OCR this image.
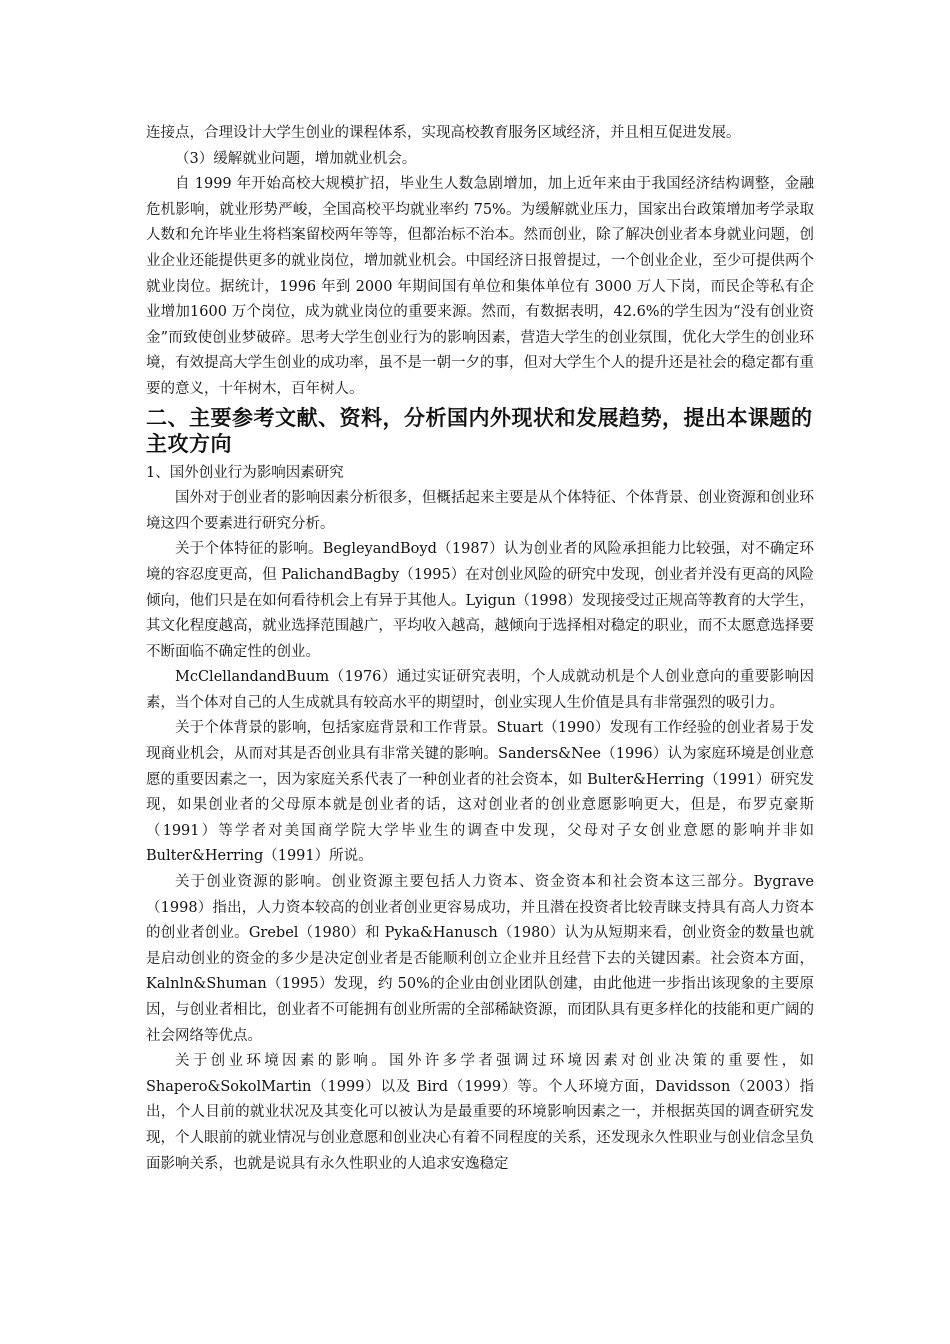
连接点，合理设计大学生创业的课程体系，实现高校教育服务区域经济，并且相互促进发展。

（3）缓解就业问题，增加就业机会。

自 1999 年开始高校大规模扩招，毕业生人数急剧增加，加上近年来由于我国经济结构调整，金融危机影响，就业形势严峻，全国高校平均就业率约 75%。为缓解就业压力，国家出台政策增加考学录取人数和允许毕业生将档案留校两年等等，但都治标不治本。然而创业，除了解决创业者本身就业问题，创业企业还能提供更多的就业岗位，增加就业机会。中国经济日报曾提过，一个创业企业，至少可提供两个就业岗位。据统计，1996 年到 2000 年期间国有单位和集体单位有 3000 万人下岗，而民企等私有企业增加1600 万个岗位，成为就业岗位的重要来源。然而，有数据表明，42.6%的学生因为“没有创业资金”而致使创业梦破碎。思考大学生创业行为的影响因素，营造大学生的创业氛围，优化大学生的创业环境，有效提高大学生创业的成功率，虽不是一朝一夕的事，但对大学生个人的提升还是社会的稳定都有重要的意义，十年树木，百年树人。

二、主要参考文献、资料，分析国内外现状和发展趋势，提出本课题的主攻方向

1、国外创业行为影响因素研究

国外对于创业者的影响因素分析很多，但概括起来主要是从个体特征、个体背景、创业资源和创业环境这四个要素进行研究分析。

关于个体特征的影响。BegleyandBoyd（1987）认为创业者的风险承担能力比较强，对不确定环境的容忍度更高，但 PalichandBagby（1995）在对创业风险的研究中发现，创业者并没有更高的风险倾向，他们只是在如何看待机会上有异于其他人。Lyigun（1998）发现接受过正规高等教育的大学生，其文化程度越高，就业选择范围越广，平均收入越高，越倾向于选择相对稳定的职业，而不太愿意选择要不断面临不确定性的创业。

McClellandandBuum（1976）通过实证研究表明，个人成就动机是个人创业意向的重要影响因素，当个体对自己的人生成就具有较高水平的期望时，创业实现人生价值是具有非常强烈的吸引力。

关于个体背景的影响，包括家庭背景和工作背景。Stuart（1990）发现有工作经验的创业者易于发现商业机会，从而对其是否创业具有非常关键的影响。Sanders&Nee（1996）认为家庭环境是创业意愿的重要因素之一，因为家庭关系代表了一种创业者的社会资本，如 Bulter&Herring（1991）研究发现，如果创业者的父母原本就是创业者的话，这对创业者的创业意愿影响更大，但是，布罗克豪斯（1991）等学者对美国商学院大学毕业生的调查中发现，父母对子女创业意愿的影响并非如 Bulter&Herring（1991）所说。

关于创业资源的影响。创业资源主要包括人力资本、资金资本和社会资本这三部分。Bygrave（1998）指出，人力资本较高的创业者创业更容易成功，并且潜在投资者比较青睐支持具有高人力资本的创业者创业。Grebel（1980）和 Pyka&Hanusch（1980）认为从短期来看，创业资金的数量也就是启动创业的资金的多少是决定创业者是否能顺利创立企业并且经营下去的关键因素。社会资本方面，Kalnln&Shuman（1995）发现，约 50%的企业由创业团队创建，由此他进一步指出该现象的主要原因，与创业者相比，创业者不可能拥有创业所需的全部稀缺资源，而团队具有更多样化的技能和更广阔的社会网络等优点。

关于创业环境因素的影响。国外许多学者强调过环境因素对创业决策的重要性，如 Shapero&SokolMartin（1999）以及 Bird（1999）等。个人环境方面，Davidsson（2003）指出，个人目前的就业状况及其变化可以被认为是最重要的环境影响因素之一，并根据英国的调查研究发现，个人眼前的就业情况与创业意愿和创业决心有着不同程度的关系，还发现永久性职业与创业信念呈负面影响关系，也就是说具有永久性职业的人追求安逸稳定
